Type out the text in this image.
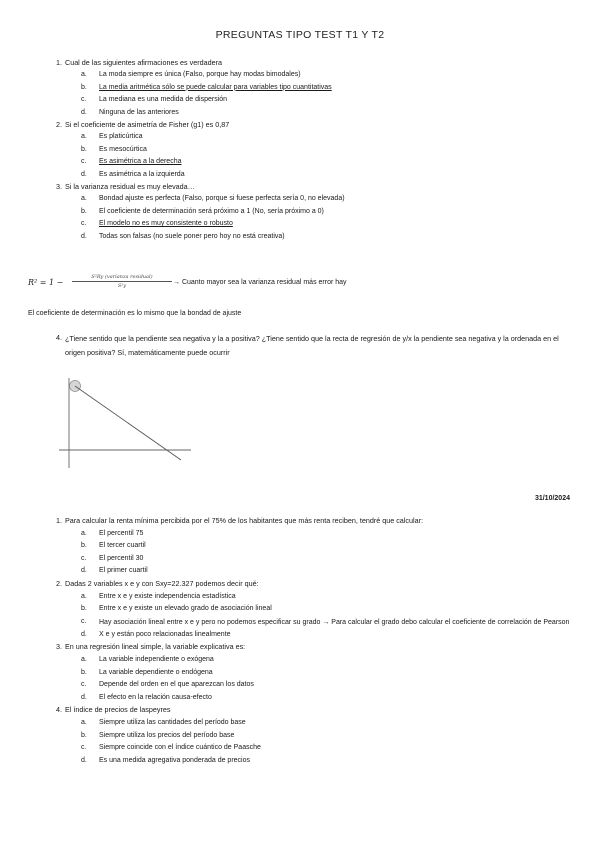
PREGUNTAS TIPO TEST T1 Y T2
1. Cual de las siguientes afirmaciones es verdadera
a.	La moda siempre es única (Falso, porque hay modas bimodales)
b.	La media aritmética sólo se puede calcular para variables tipo cuantitativas
c.	La mediana es una medida de dispersión
d.	Ninguna de las anteriores
2. Si el coeficiente de asimetría de Fisher (g1) es 0,87
a.	Es platicúrtica
b.	Es mesocúrtica
c.	Es asimétrica a la derecha
d.	Es asimétrica a la izquierda
3. Si la varianza residual es muy elevada…
a.	Bondad ajuste es perfecta (Falso, porque si fuese perfecta sería 0, no elevada)
b.	El coeficiente de determinación será próximo a 1 (No, sería próximo a 0)
c.	El modelo no es muy consistente o robusto
d.	Todas son falsas (no suele poner pero hoy no está creativa)
R² = 1 −
S²Ry (varianza residual)
S²y	→ Cuanto mayor sea la varianza residual más error hay
El coeficiente de determinación es lo mismo que la bondad de ajuste
4. ¿Tiene sentido que la pendiente sea negativa y la a positiva? ¿Tiene sentido que la recta de regresión de y/x la pendiente sea negativa y la ordenada en el origen positiva? Sí, matemáticamente puede ocurrir
31/10/2024
1. Para calcular la renta mínima percibida por el 75% de los habitantes que más renta reciben, tendré que calcular:
a.	El percentil 75
b.	El tercer cuartil
c.	El percentil 30
d.	El primer cuartil
2. Dadas 2 variables x e y con Sxy=22.327 podemos decir qué:
a.	Entre x e y existe independencia estadística
b.	Entre x e y existe un elevado grado de asociación lineal
c.	Hay asociación lineal entre x e y pero no podemos especificar su grado → Para calcular el grado debo calcular el coeficiente de correlación de Pearson
d.	X e y están poco relacionadas linealmente
3. En una regresión lineal simple, la variable explicativa es:
a.	La variable independiente o exógena
b.	La variable dependiente o endógena
c.	Depende del orden en el que aparezcan los datos
d.	El efecto en la relación causa-efecto
4. El índice de precios de laspeyres
a.	Siempre utiliza las cantidades del período base
b.	Siempre utiliza los precios del período base
c.	Siempre coincide con el índice cuántico de Paasche
d.	Es una medida agregativa ponderada de precios
